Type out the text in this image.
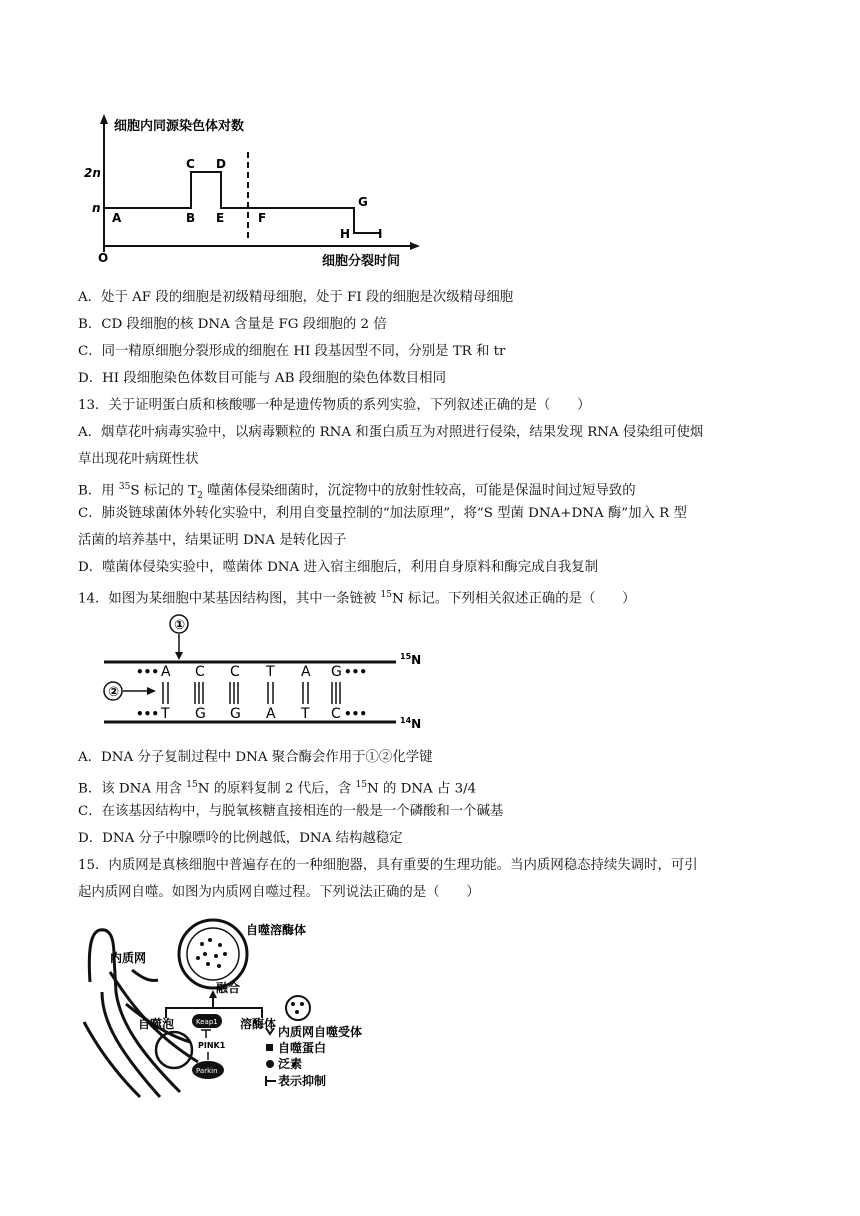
细胞内同源染色体对数
2n
n
O
A	B
C D
E	F
G
H I
细胞分裂时间
A．处于 AF 段的细胞是初级精母细胞，处于 FI 段的细胞是次级精母细胞
B．CD 段细胞的核 DNA 含量是 FG 段细胞的 2 倍
C．同一精原细胞分裂形成的细胞在 HI 段基因型不同，分别是 TR 和 tr
D．HI 段细胞染色体数目可能与 AB 段细胞的染色体数目相同
13．关于证明蛋白质和核酸哪一种是遗传物质的系列实验，下列叙述正确的是（　　）
A．烟草花叶病毒实验中，以病毒颗粒的 RNA 和蛋白质互为对照进行侵染，结果发现 RNA 侵染组可使烟
草出现花叶病斑性状
B．用 $^{35}$S 标记的 $T_2$ 噬菌体侵染细菌时，沉淀物中的放射性较高，可能是保温时间过短导致的
C．肺炎链球菌体外转化实验中，利用自变量控制的“加法原理”，将“S 型菌 DNA+DNA 酶”加入 R 型
活菌的培养基中，结果证明 DNA 是转化因子
D．噬菌体侵染实验中，噬菌体 DNA 进入宿主细胞后，利用自身原料和酶完成自我复制
14．如图为某细胞中某基因结构图，其中一条链被 $^{15}$N 标记。下列相关叙述正确的是（　　）
①
$^{15}$N
$^{14}$N
•••	•••
•••	•••
A C C T A G
T G G A T C
②
A．DNA 分子复制过程中 DNA 聚合酶会作用于①②化学键
B．该 DNA 用含 $^{15}$N 的原料复制 2 代后，含 $^{15}$N 的 DNA 占 3/4
C．在该基因结构中，与脱氧核糖直接相连的一般是一个磷酸和一个碱基
D．DNA 分子中腺嘌呤的比例越低，DNA 结构越稳定
15．内质网是真核细胞中普遍存在的一种细胞器，具有重要的生理功能。当内质网稳态持续失调时，可引
起内质网自噬。如图为内质网自噬过程。下列说法正确的是（　　）
内质网
自噬溶酶体
融合
自噬泡	Keap1
PINK1
Parkin
溶酶体
内质网自噬受体
自噬蛋白
泛素
表示抑制
